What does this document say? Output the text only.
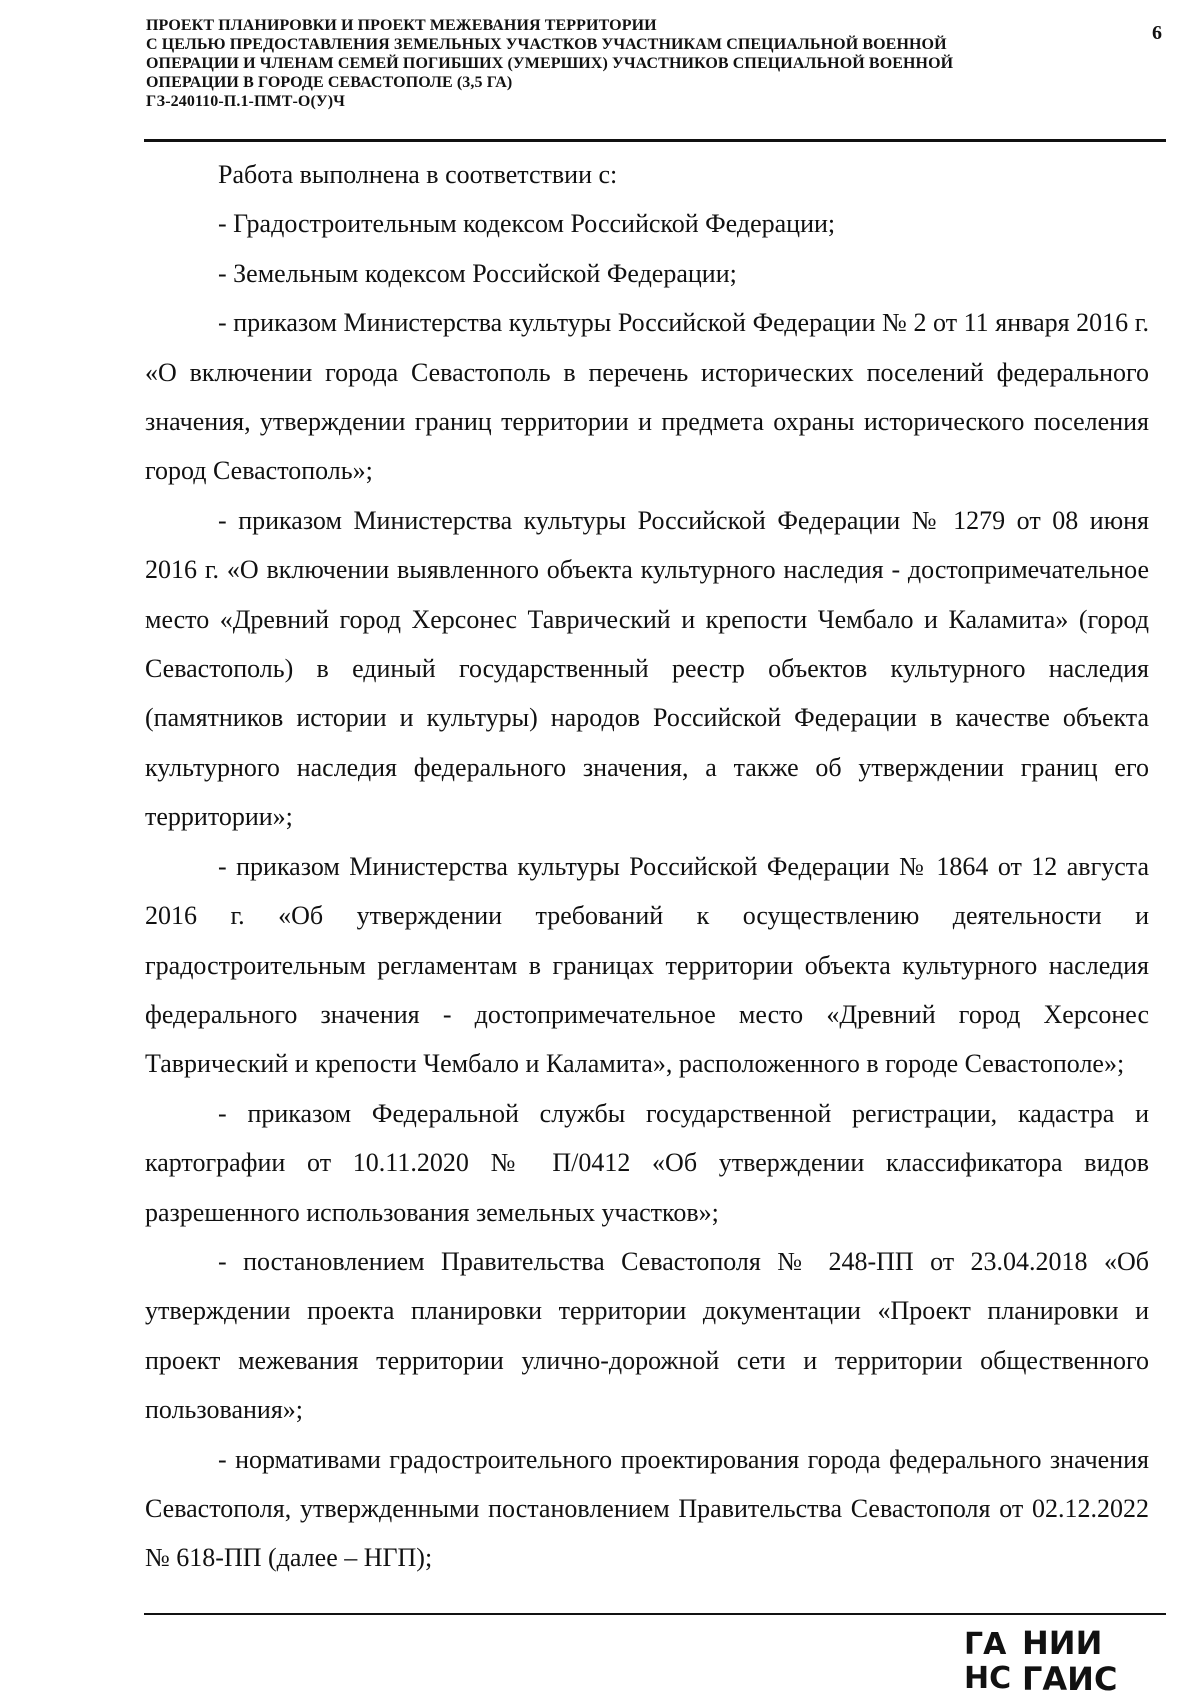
ПРОЕКТ ПЛАНИРОВКИ И ПРОЕКТ МЕЖЕВАНИЯ ТЕРРИТОРИИ
С ЦЕЛЬЮ ПРЕДОСТАВЛЕНИЯ ЗЕМЕЛЬНЫХ УЧАСТКОВ УЧАСТНИКАМ СПЕЦИАЛЬНОЙ ВОЕННОЙ
ОПЕРАЦИИ И ЧЛЕНАМ СЕМЕЙ ПОГИБШИХ (УМЕРШИХ) УЧАСТНИКОВ СПЕЦИАЛЬНОЙ ВОЕННОЙ
ОПЕРАЦИИ В ГОРОДЕ СЕВАСТОПОЛЕ (3,5 ГА)
ГЗ-240110-П.1-ПМТ-О(У)Ч
6

Работа выполнена в соответствии с:

- Градостроительным кодексом Российской Федерации;

- Земельным кодексом Российской Федерации;

- приказом Министерства культуры Российской Федерации № 2 от 11 января 2016 г. «О включении города Севастополь в перечень исторических поселений федерального значения, утверждении границ территории и предмета охраны исторического поселения город Севастополь»;

- приказом Министерства культуры Российской Федерации № 1279 от 08 июня 2016 г. «О включении выявленного объекта культурного наследия - достопримечательное место «Древний город Херсонес Таврический и крепости Чембало и Каламита» (город Севастополь) в единый государственный реестр объектов культурного наследия (памятников истории и культуры) народов Российской Федерации в качестве объекта культурного наследия федерального значения, а также об утверждении границ его территории»;

- приказом Министерства культуры Российской Федерации № 1864 от 12 августа 2016 г. «Об утверждении требований к осуществлению деятельности и градостроительным регламентам в границах территории объекта культурного наследия федерального значения - достопримечательное место «Древний город Херсонес Таврический и крепости Чембало и Каламита», расположенного в городе Севастополе»;

- приказом Федеральной службы государственной регистрации, кадастра и картографии от 10.11.2020 № П/0412 «Об утверждении классификатора видов разрешенного использования земельных участков»;

- постановлением Правительства Севастополя № 248-ПП от 23.04.2018 «Об утверждении проекта планировки территории документации «Проект планировки и проект межевания территории улично-дорожной сети и территории общественного пользования»;

- нормативами градостроительного проектирования города федерального значения Севастополя, утвержденными постановлением Правительства Севастополя от 02.12.2022 № 618-ПП (далее – НГП);

ГА
НС
НИИ
ГАИС
